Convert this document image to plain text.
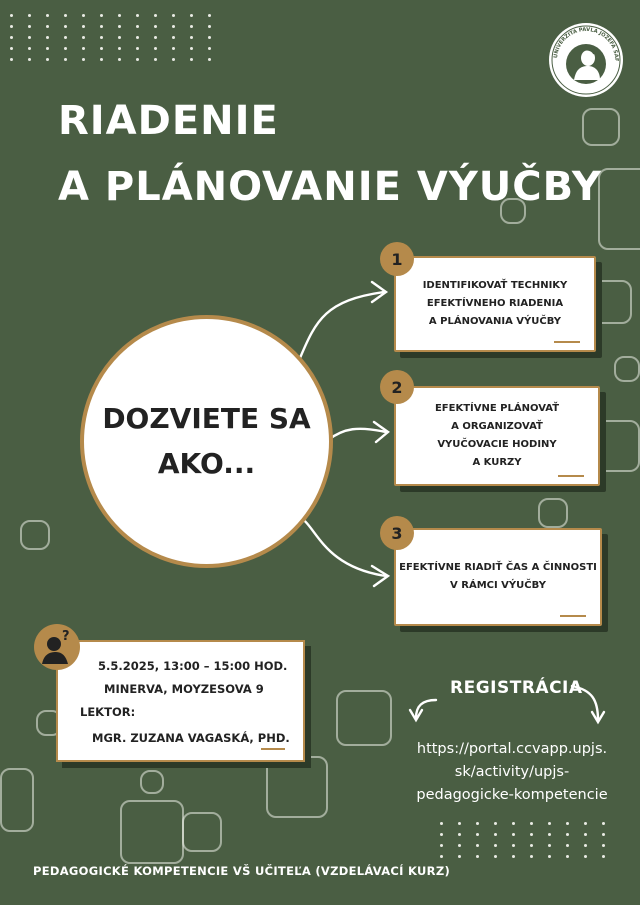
UNIVERZITA PAVLA JOZEFA ŠAF
RIADENIE
A PLÁNOVANIE VÝUČBY
DOZVIETE SA
AKO...
IDENTIFIKOVAŤ TECHNIKY
EFEKTÍVNEHO RIADENIA
A PLÁNOVANIA VÝUČBY
1
EFEKTÍVNE PLÁNOVAŤ
A ORGANIZOVAŤ
VYUČOVACIE HODINY
A KURZY
2
EFEKTÍVNE RIADIŤ ČAS A ČINNOSTI
V RÁMCI VÝUČBY
3
5.5.2025, 13:00 – 15:00 HOD.
MINERVA, MOYZESOVA 9
LEKTOR:
MGR. ZUZANA VAGASKÁ, PHD.
?
REGISTRÁCIA
https://portal.ccvapp.upjs.
sk/activity/upjs-
pedagogicke-kompetencie
PEDAGOGICKÉ KOMPETENCIE VŠ UČITEĽA (VZDELÁVACÍ KURZ)
